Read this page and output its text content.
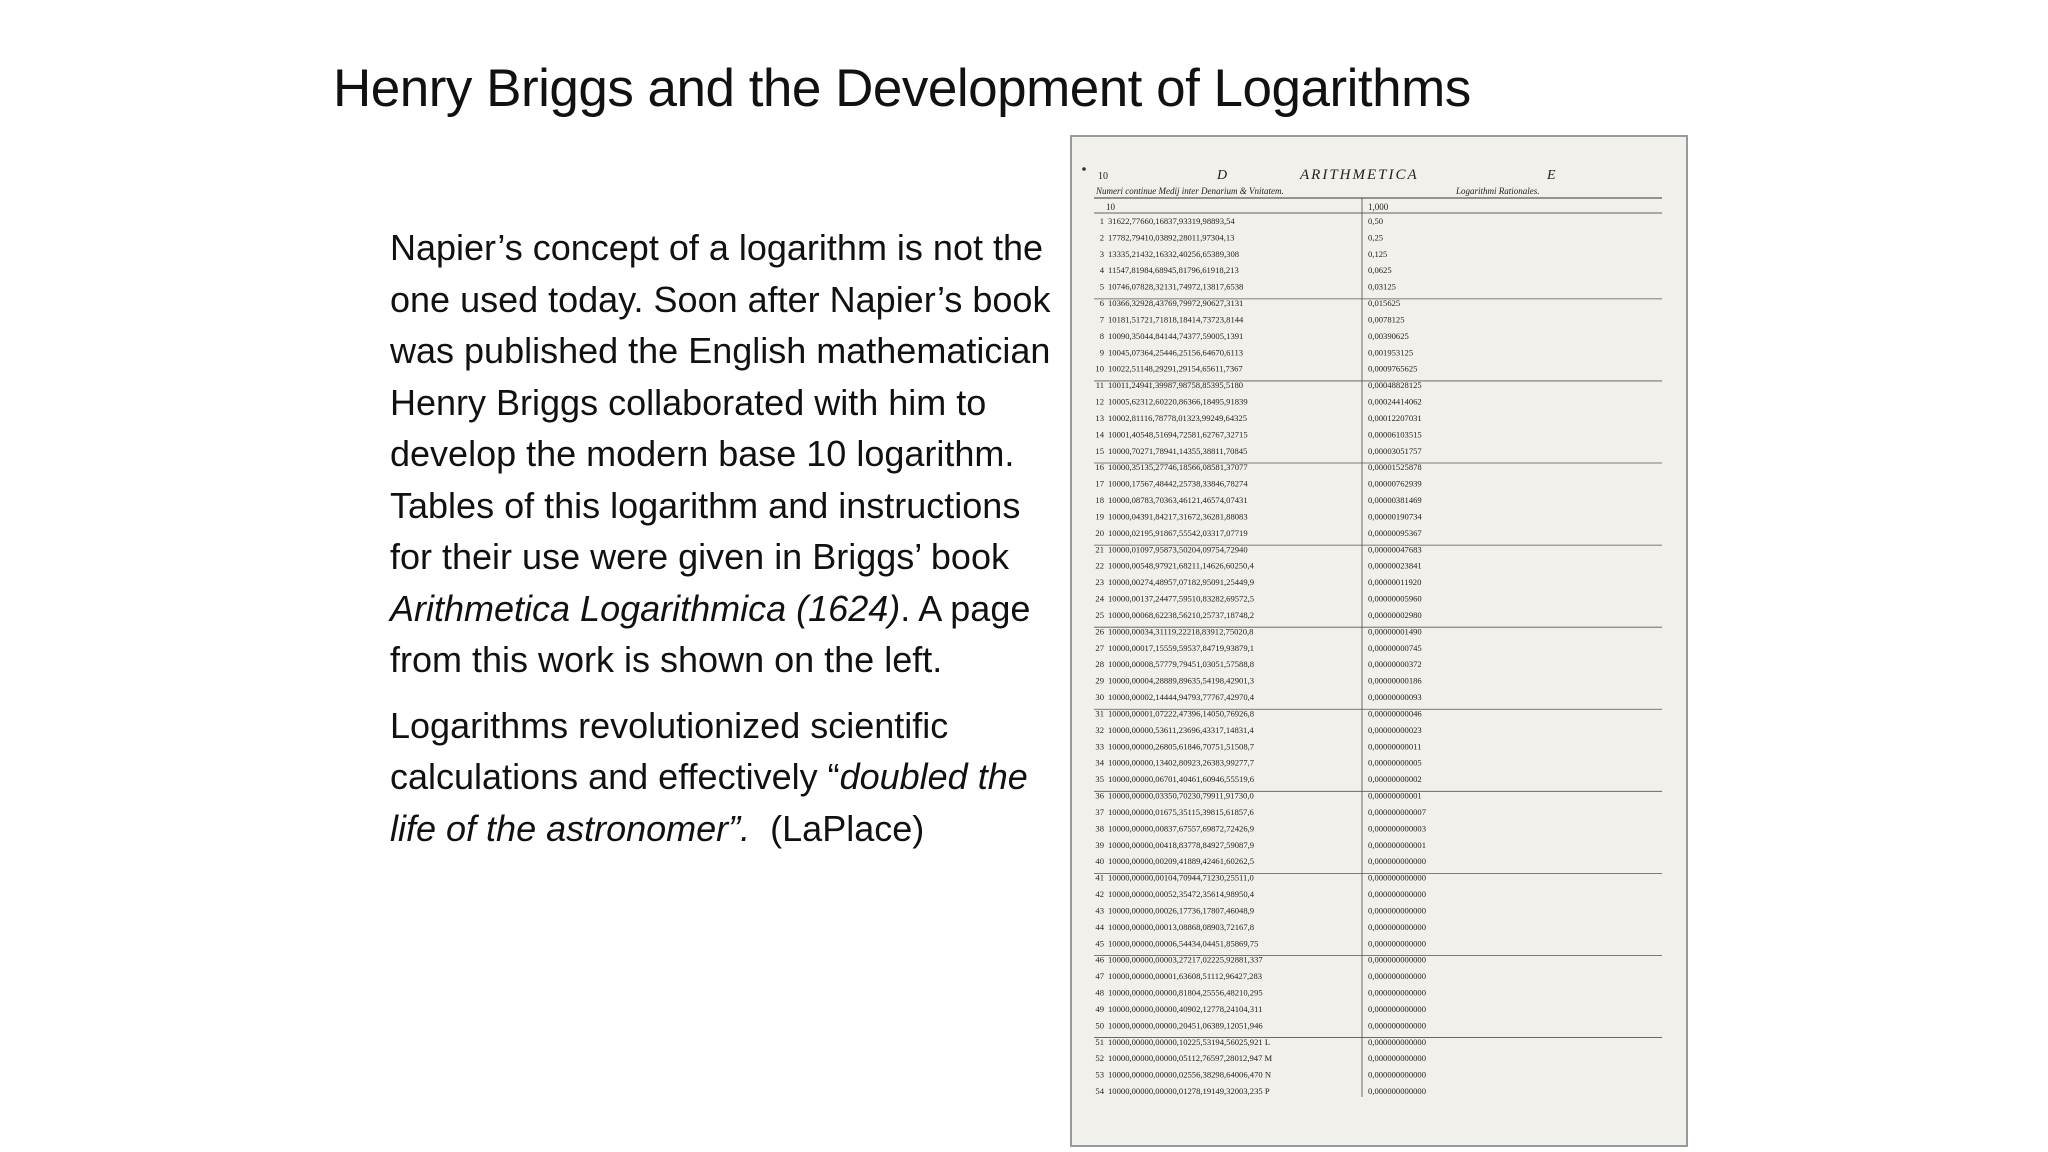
Henry Briggs and the Development of Logarithms

Napier’s concept of a logarithm is not the one used today. Soon after Napier’s book was published the English mathematician Henry Briggs collaborated with him to develop the modern base 10 logarithm. Tables of this logarithm and instructions for their use were given in Briggs’ book Arithmetica Logarithmica (1624). A page from this work is shown on the left.

Logarithms revolutionized scientific calculations and effectively “doubled the life of the astronomer”.  (LaPlace)

10	D	ARITHMETICA	E
Numeri continue Medij inter Denarium & Vnitatem.	Logarithmi Rationales.
10	1,000
1 31622,77660,16837,93319,98893,54	0,50
2 17782,79410,03892,28011,97304,13	0,25
3 13335,21432,16332,40256,65389,308	0,125
4 11547,81984,68945,81796,61918,213	0,0625
5 10746,07828,32131,74972,13817,6538	0,03125
6 10366,32928,43769,79972,90627,3131	0,015625
7 10181,51721,71818,18414,73723,8144	0,0078125
8 10090,35044,84144,74377,59005,1391	0,00390625
9 10045,07364,25446,25156,64670,6113	0,001953125
10 10022,51148,29291,29154,65611,7367	0,0009765625
11 10011,24941,39987,98758,85395,5180	0,00048828125
12 10005,62312,60220,86366,18495,91839	0,00024414062
13 10002,81116,78778,01323,99249,64325	0,00012207031
14 10001,40548,51694,72581,62767,32715	0,00006103515
15 10000,70271,78941,14355,38811,70845	0,00003051757
16 10000,35135,27746,18566,08581,37077	0,00001525878
17 10000,17567,48442,25738,33846,78274	0,00000762939
18 10000,08783,70363,46121,46574,07431	0,00000381469
19 10000,04391,84217,31672,36281,88083	0,00000190734
20 10000,02195,91867,55542,03317,07719	0,00000095367
21 10000,01097,95873,50204,09754,72940	0,00000047683
22 10000,00548,97921,68211,14626,60250,4	0,00000023841
23 10000,00274,48957,07182,95091,25449,9	0,00000011920
24 10000,00137,24477,59510,83282,69572,5	0,00000005960
25 10000,00068,62238,56210,25737,18748,2	0,00000002980
26 10000,00034,31119,22218,83912,75020,8	0,00000001490
27 10000,00017,15559,59537,84719,93879,1	0,00000000745
28 10000,00008,57779,79451,03051,57588,8	0,00000000372
29 10000,00004,28889,89635,54198,42901,3	0,00000000186
30 10000,00002,14444,94793,77767,42970,4	0,00000000093
31 10000,00001,07222,47396,14050,76926,8	0,00000000046
32 10000,00000,53611,23696,43317,14831,4	0,00000000023
33 10000,00000,26805,61846,70751,51508,7	0,00000000011
34 10000,00000,13402,80923,26383,99277,7	0,00000000005
35 10000,00000,06701,40461,60946,55519,6	0,00000000002
36 10000,00000,03350,70230,79911,91730,0	0,00000000001
37 10000,00000,01675,35115,39815,61857,6	0,000000000007
38 10000,00000,00837,67557,69872,72426,9	0,000000000003
39 10000,00000,00418,83778,84927,59087,9	0,000000000001
40 10000,00000,00209,41889,42461,60262,5	0,000000000000
41 10000,00000,00104,70944,71230,25511,0	0,000000000000
42 10000,00000,00052,35472,35614,98950,4	0,000000000000
43 10000,00000,00026,17736,17807,46048,9	0,000000000000
44 10000,00000,00013,08868,08903,72167,8	0,000000000000
45 10000,00000,00006,54434,04451,85869,75	0,000000000000
46 10000,00000,00003,27217,02225,92881,337	0,000000000000
47 10000,00000,00001,63608,51112,96427,283	0,000000000000
48 10000,00000,00000,81804,25556,48210,295	0,000000000000
49 10000,00000,00000,40902,12778,24104,311	0,000000000000
50 10000,00000,00000,20451,06389,12051,946	0,000000000000
51 10000,00000,00000,10225,53194,56025,921 L	0,000000000000
52 10000,00000,00000,05112,76597,28012,947 M	0,000000000000
53 10000,00000,00000,02556,38298,64006,470 N	0,000000000000
54 10000,00000,00000,01278,19149,32003,235 P	0,000000000000
